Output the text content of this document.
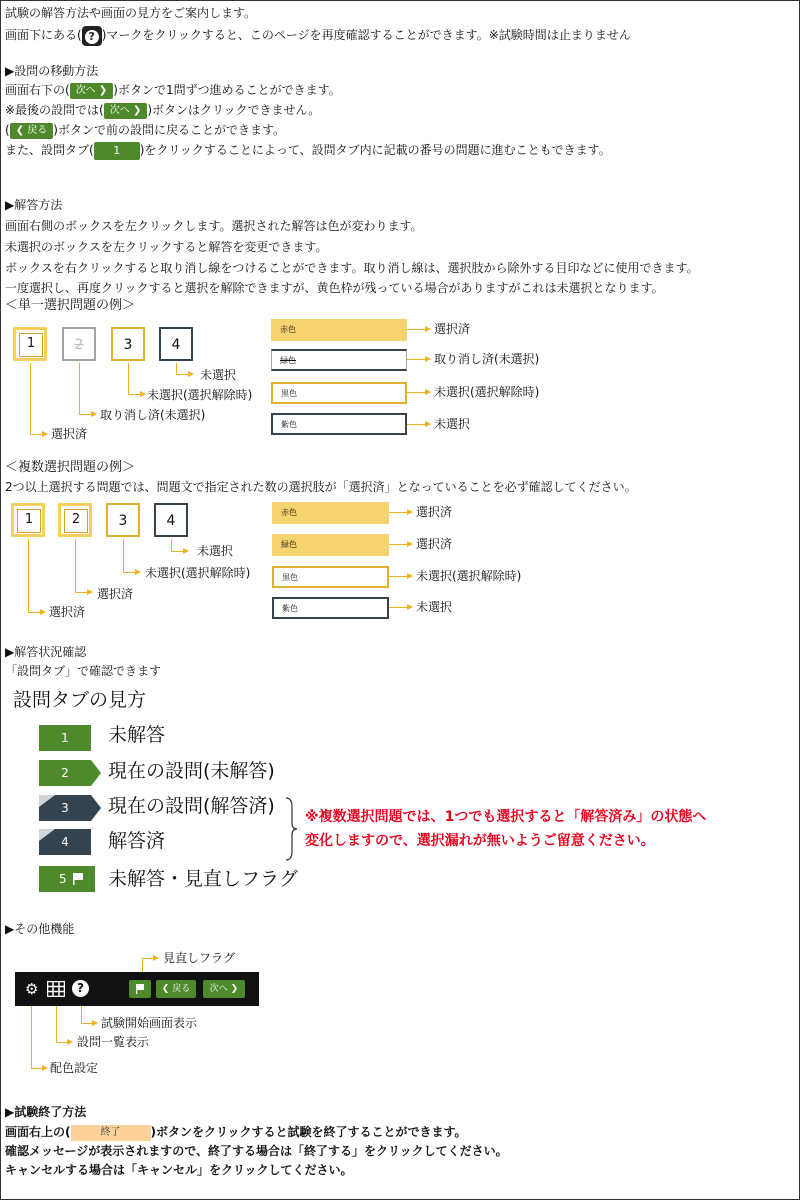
試験の解答方法や画面の見方をご案内します。
画面下にある( ? )マークをクリックすると、このページを再度確認することができます。※試験時間は止まりません
▶設問の移動方法
画面右下の( 次へ ❯ )ボタンで1問ずつ進めることができます。
※最後の設問では( 次へ ❯ )ボタンはクリックできません。
( ❮ 戻る )ボタンで前の設問に戻ることができます。
また、設問タブ( 1 )をクリックすることによって、設問タブ内に記載の番号の問題に進むこともできます。
▶解答方法
画面右側のボックスを左クリックします。選択された解答は色が変わります。
未選択のボックスを左クリックすると解答を変更できます。
ボックスを右クリックすると取り消し線をつけることができます。取り消し線は、選択肢から除外する目印などに使用できます。
一度選択し、再度クリックすると選択を解除できますが、黄色枠が残っている場合がありますがこれは未選択となります。
＜単一選択問題の例＞
1	2	3	4
選択済
取り消し済(未選択)
未選択(選択解除時)
未選択
赤色
緑色
黒色
紫色
選択済
取り消し済(未選択)
未選択(選択解除時)
未選択
＜複数選択問題の例＞
2つ以上選択する問題では、問題文で指定された数の選択肢が「選択済」となっていることを必ず確認してください。
1	2	3	4
選択済
選択済
未選択(選択解除時)
未選択
赤色
緑色
黒色
紫色
選択済
選択済
未選択(選択解除時)
未選択
▶解答状況確認
「設問タブ」で確認できます
設問タブの見方
1	未解答
2	現在の設問(未解答)
3	現在の設問(解答済)
4	解答済
5 未解答・見直しフラグ
※複数選択問題では、1つでも選択すると「解答済み」の状態へ
変化しますので、選択漏れが無いようご留意ください。
▶その他機能
⚙	?	❮ 戻る	次へ ❯
見直しフラグ
試験開始画面表示
設問一覧表示
配色設定
▶試験終了方法
画面右上の(	終了	)ボタンをクリックすると試験を終了することができます。
確認メッセージが表示されますので、終了する場合は「終了する」をクリックしてください。
キャンセルする場合は「キャンセル」をクリックしてください。
